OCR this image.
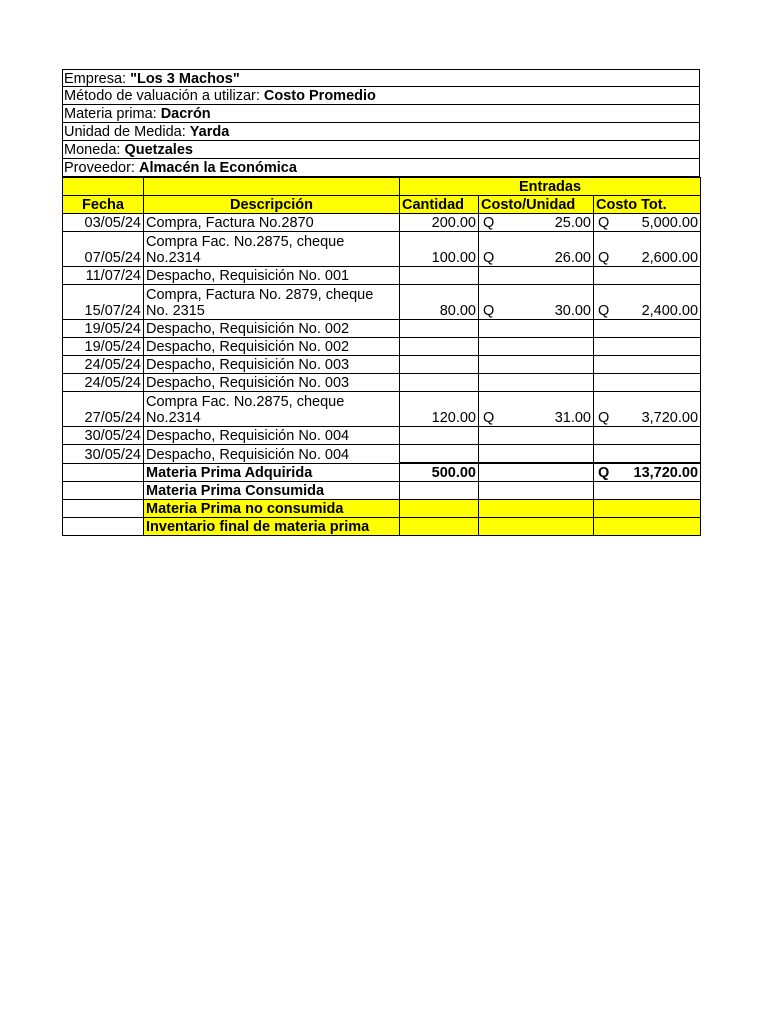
Empresa: "Los 3 Machos"
Método de valuación a utilizar: Costo Promedio
Materia prima: Dacrón
Unidad de Medida: Yarda
Moneda: Quetzales
Proveedor: Almacén la Económica
		Entradas		
Fecha	Descripción	Cantidad	Costo/Unidad	Costo Tot.
03/05/24	Compra, Factura No.2870	200.00	Q 25.00	Q 5,000.00

07/05/24	Compra Fac. No.2875, cheque No.2314	100.00	Q 26.00	Q 2,600.00

11/07/24	Despacho, Requisición No. 001			
15/07/24	Compra, Factura No. 2879, cheque No. 2315	80.00	Q 30.00	Q 2,400.00

19/05/24	Despacho, Requisición No. 002			
19/05/24	Despacho, Requisición No. 002			
24/05/24	Despacho, Requisición No. 003			
24/05/24	Despacho, Requisición No. 003			
27/05/24	Compra Fac. No.2875, cheque No.2314	120.00	Q 31.00	Q 3,720.00

30/05/24	Despacho, Requisición No. 004			
30/05/24	Despacho, Requisición No. 004			
	Materia Prima Adquirida	500.00		Q 13,720.00

	Materia Prima Consumida			
	Materia Prima no consumida			
	Inventario final de materia prima			
